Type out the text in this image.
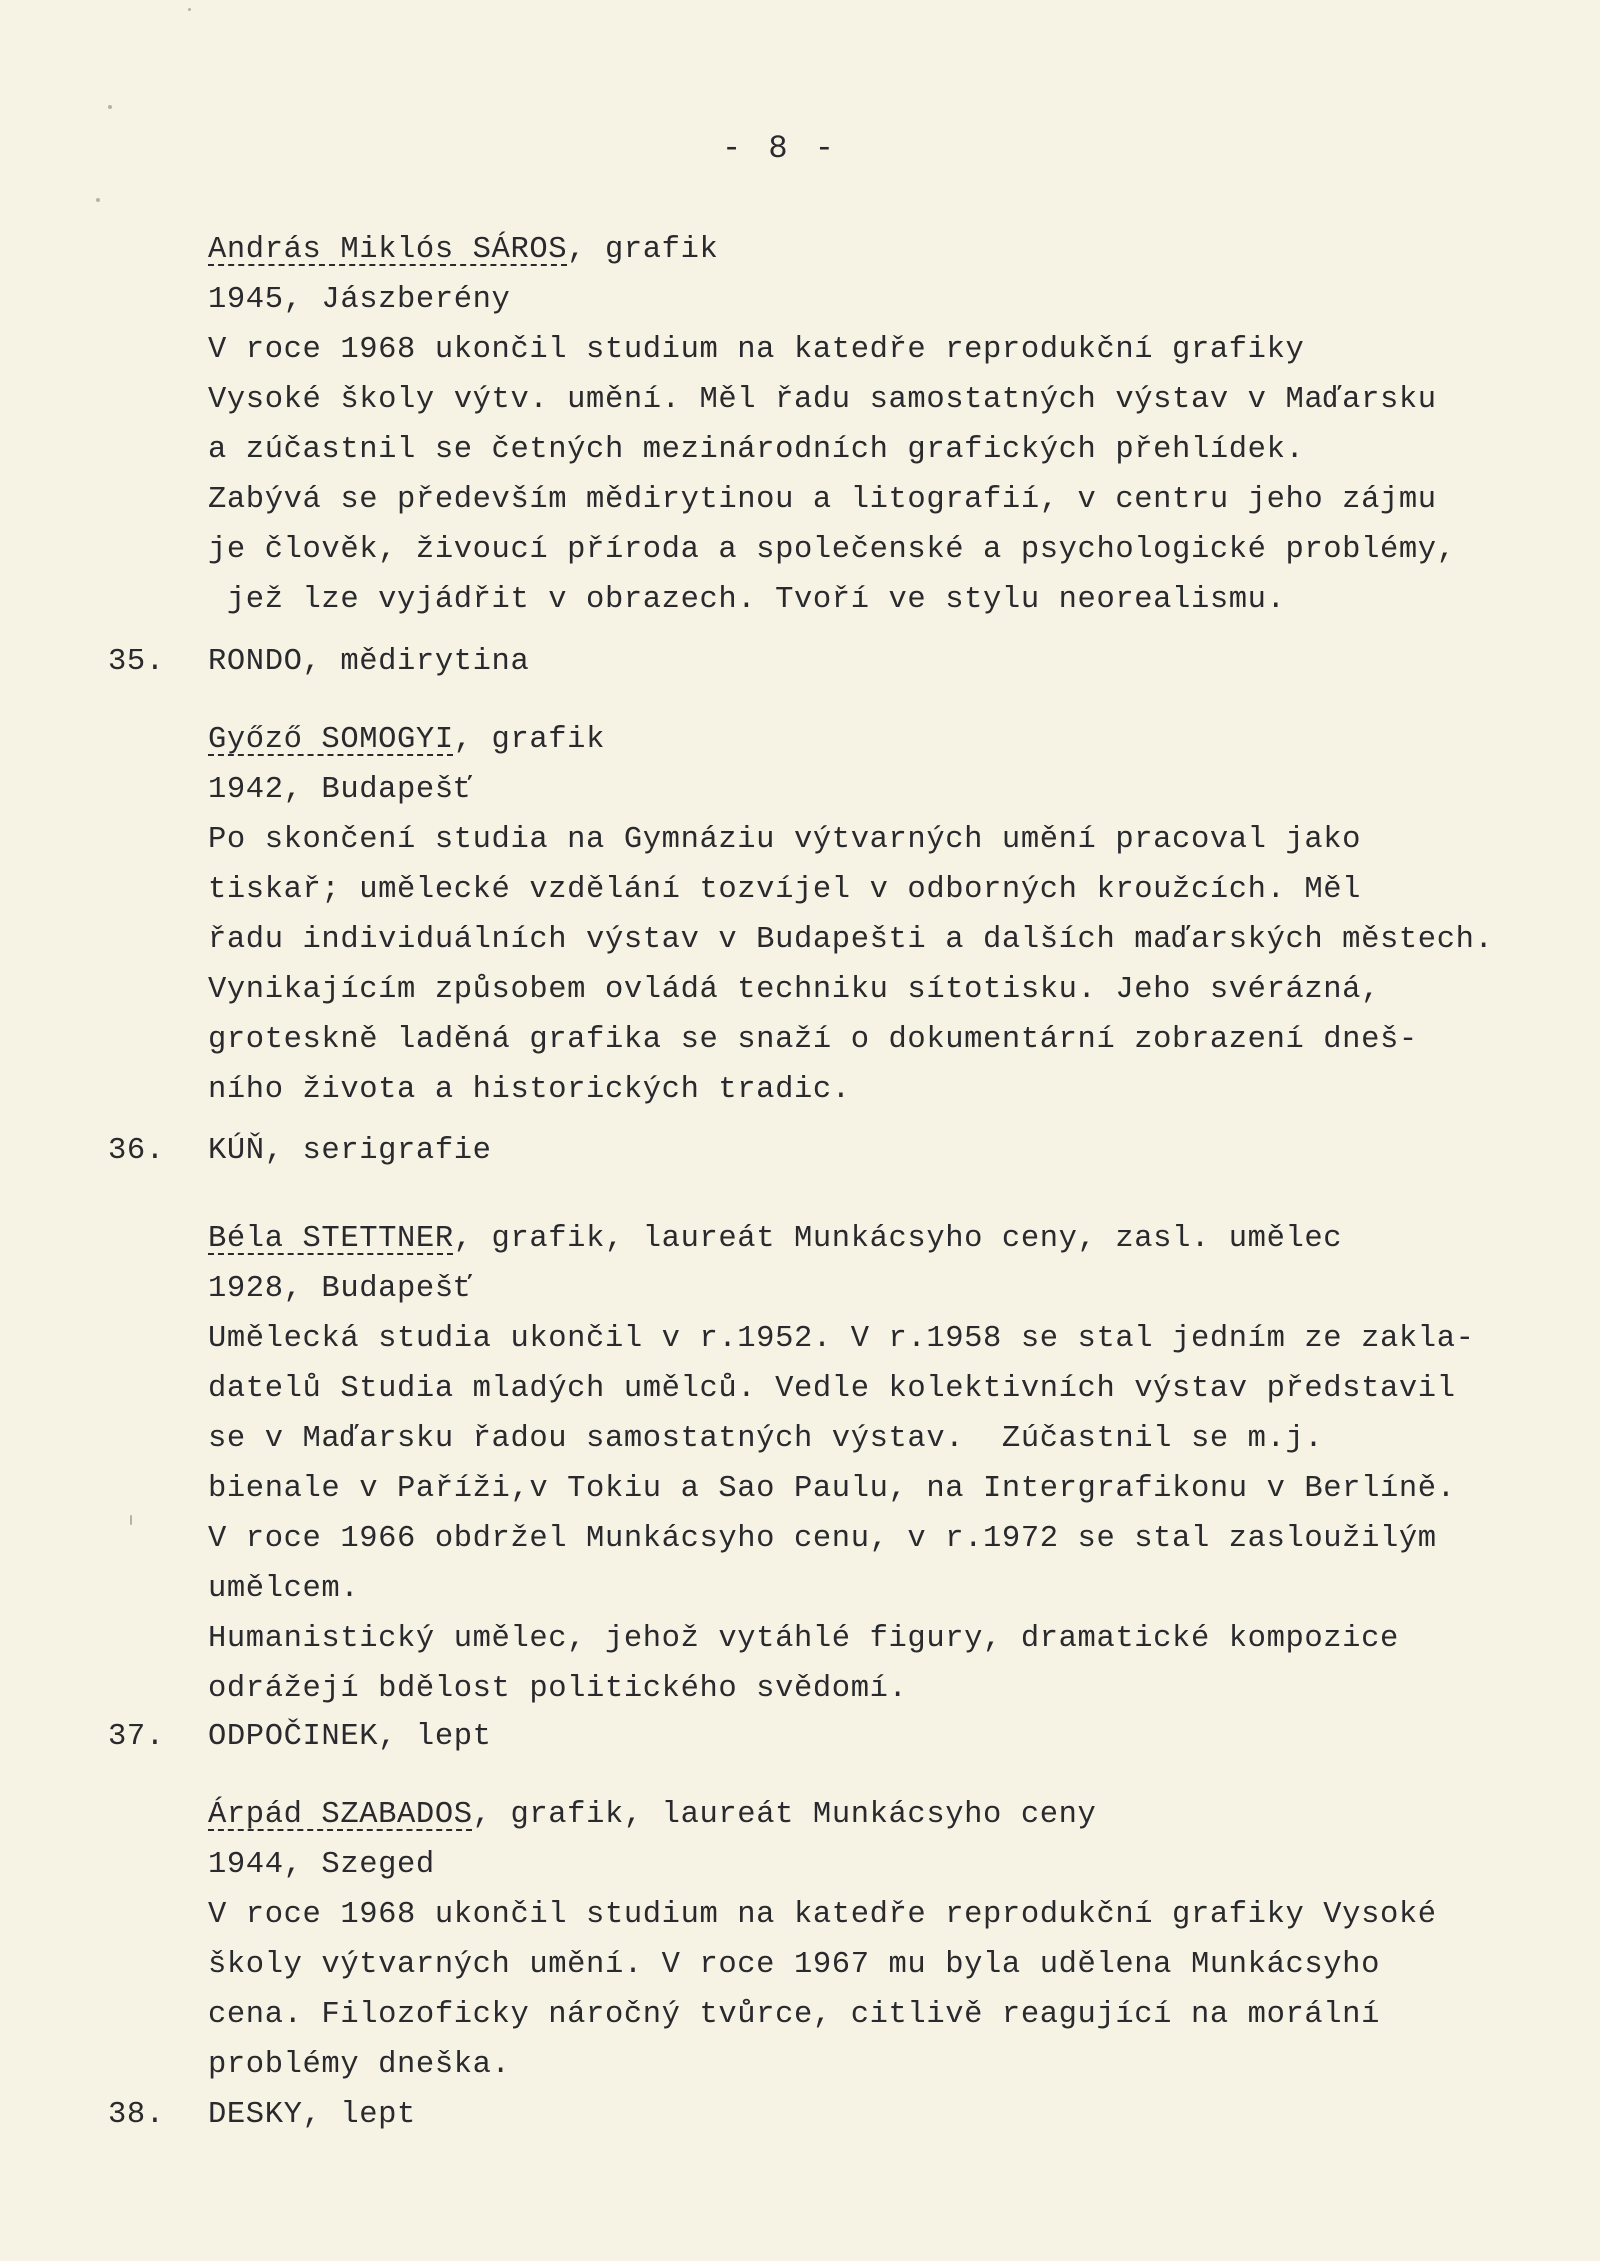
- 8 -
András Miklós SÁROS, grafik
1945, Jászberény
V roce 1968 ukončil studium na katedře reprodukční grafiky
Vysoké školy výtv. umění. Měl řadu samostatných výstav v Maďarsku
a zúčastnil se četných mezinárodních grafických přehlídek.
Zabývá se především mědirytinou a litografií, v centru jeho zájmu
je člověk, živoucí příroda a společenské a psychologické problémy,
jež lze vyjádřit v obrazech. Tvoří ve stylu neorealismu.
35. RONDO, mědirytina
Győző SOMOGYI, grafik
1942, Budapešť
Po skončení studia na Gymnáziu výtvarných umění pracoval jako
tiskař; umělecké vzdělání tozvíjel v odborných kroužcích. Měl
řadu individuálních výstav v Budapešti a dalších maďarských městech.
Vynikajícím způsobem ovládá techniku sítotisku. Jeho svérázná,
groteskně laděná grafika se snaží o dokumentární zobrazení dneš-
ního života a historických tradic.
36. KÚŇ, serigrafie
Béla STETTNER, grafik, laureát Munkácsyho ceny, zasl. umělec
1928, Budapešť
Umělecká studia ukončil v r.1952. V r.1958 se stal jedním ze zakla-
datelů Studia mladých umělců. Vedle kolektivních výstav představil
se v Maďarsku řadou samostatných výstav.  Zúčastnil se m.j.
bienale v Paříži,v Tokiu a Sao Paulu, na Intergrafikonu v Berlíně.
V roce 1966 obdržel Munkácsyho cenu, v r.1972 se stal zasloužilým
umělcem.
Humanistický umělec, jehož vytáhlé figury, dramatické kompozice
odrážejí bdělost politického svědomí.
37. ODPOČINEK, lept
Árpád SZABADOS, grafik, laureát Munkácsyho ceny
1944, Szeged
V roce 1968 ukončil studium na katedře reprodukční grafiky Vysoké
školy výtvarných umění. V roce 1967 mu byla udělena Munkácsyho
cena. Filozoficky náročný tvůrce, citlivě reagující na morální
problémy dneška.
38. DESKY, lept
